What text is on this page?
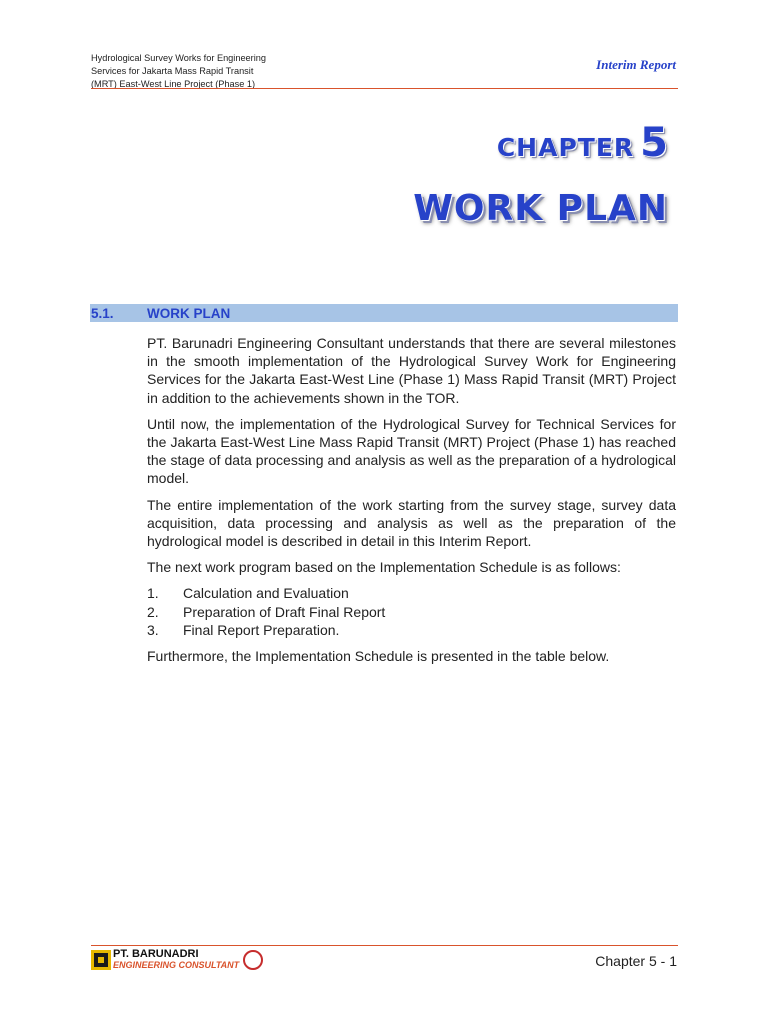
Hydrological Survey Works for Engineering
Services for Jakarta Mass Rapid Transit
(MRT) East-West Line Project (Phase 1)
Interim Report
CHAPTER 5
WORK PLAN
5.1.	WORK PLAN

PT. Barunadri Engineering Consultant understands that there are several milestones in the smooth implementation of the Hydrological Survey Work for Engineering Services for the Jakarta East-West Line (Phase 1) Mass Rapid Transit (MRT) Project in addition to the achievements shown in the TOR.

Until now, the implementation of the Hydrological Survey for Technical Services for the Jakarta East-West Line Mass Rapid Transit (MRT) Project (Phase 1) has reached the stage of data processing and analysis as well as the preparation of a hydrological model.

The entire implementation of the work starting from the survey stage, survey data acquisition, data processing and analysis as well as the preparation of the hydrological model is described in detail in this Interim Report.

The next work program based on the Implementation Schedule is as follows:

1.	Calculation and Evaluation
2.	Preparation of Draft Final Report
3.	Final Report Preparation.

Furthermore, the Implementation Schedule is presented in the table below.

PT. BARUNADRI
ENGINEERING CONSULTANT	Chapter 5 - 1
